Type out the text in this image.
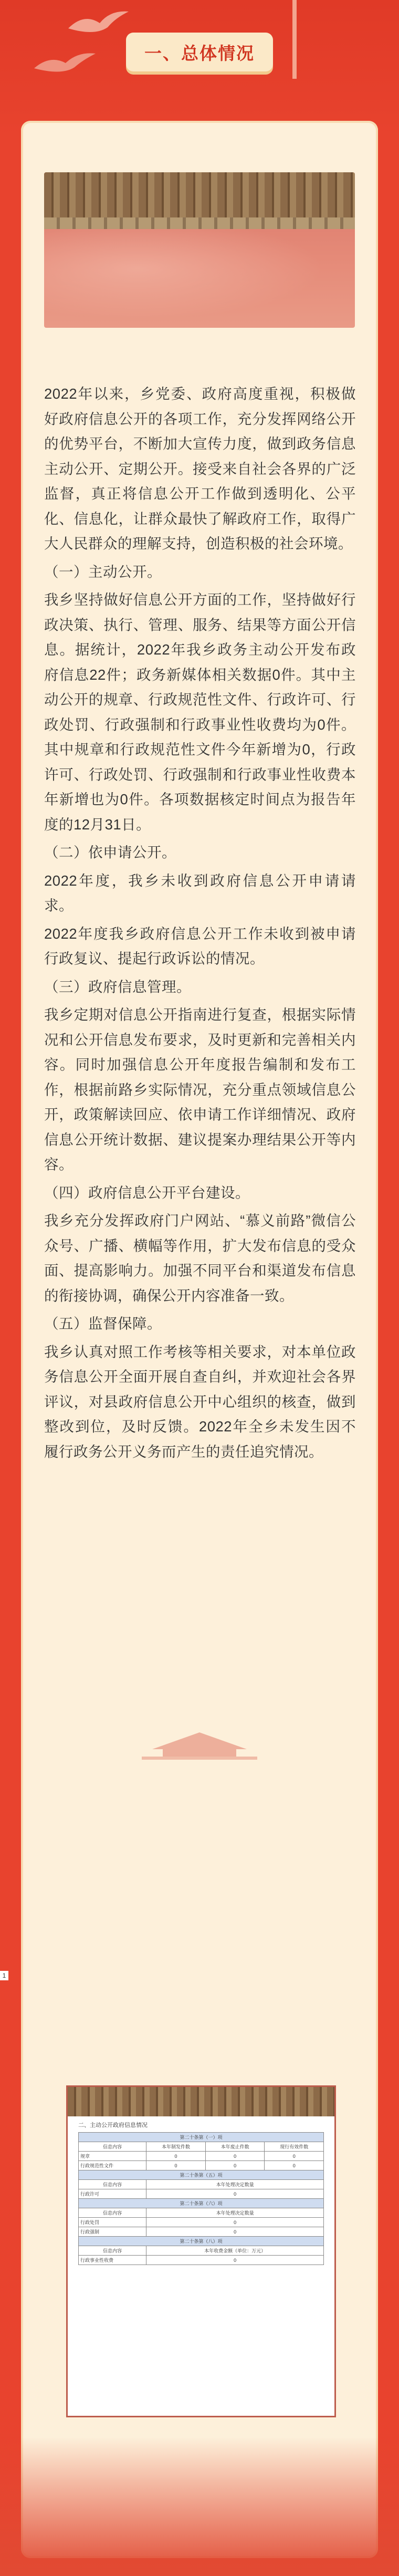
一、总体情况

2022年以来，乡党委、政府高度重视，积极做好政府信息公开的各项工作，充分发挥网络公开的优势平台，不断加大宣传力度，做到政务信息主动公开、定期公开。接受来自社会各界的广泛监督，真正将信息公开工作做到透明化、公平化、信息化，让群众最快了解政府工作，取得广大人民群众的理解支持，创造积极的社会环境。

（一）主动公开。

我乡坚持做好信息公开方面的工作，坚持做好行政决策、执行、管理、服务、结果等方面公开信息。据统计，2022年我乡政务主动公开发布政府信息22件；政务新媒体相关数据0件。其中主动公开的规章、行政规范性文件、行政许可、行政处罚、行政强制和行政事业性收费均为0件。其中规章和行政规范性文件今年新增为0，行政许可、行政处罚、行政强制和行政事业性收费本年新增也为0件。各项数据核定时间点为报告年度的12月31日。

（二）依申请公开。

2022年度，我乡未收到政府信息公开申请请求。

2022年度我乡政府信息公开工作未收到被申请行政复议、提起行政诉讼的情况。

（三）政府信息管理。

我乡定期对信息公开指南进行复查，根据实际情况和公开信息发布要求，及时更新和完善相关内容。同时加强信息公开年度报告编制和发布工作，根据前路乡实际情况，充分重点领域信息公开，政策解读回应、依申请工作详细情况、政府信息公开统计数据、建议提案办理结果公开等内容。

（四）政府信息公开平台建设。

我乡充分发挥政府门户网站、“慕义前路”微信公众号、广播、横幅等作用，扩大发布信息的受众面、提高影响力。加强不同平台和渠道发布信息的衔接协调，确保公开内容准备一致。

（五）监督保障。

我乡认真对照工作考核等相关要求，对本单位政务信息公开全面开展自查自纠，并欢迎社会各界评议，对县政府信息公开中心组织的核查，做到整改到位，及时反馈。2022年全乡未发生因不履行政务公开义务而产生的责任追究情况。

1
二、主动公开政府信息情况
第二十条第（一）项			
信息内容	本年制发件数	本年废止件数	现行有效件数
规章	0	0	0
行政规范性文件	0	0	0
第二十条第（五）项			
信息内容	本年处理决定数量		
行政许可	0		
第二十条第（六）项			
信息内容	本年处理决定数量		
行政处罚	0		
行政强制	0		
第二十条第（八）项			
信息内容	本年收费金额（单位：万元）		
行政事业性收费	0		
